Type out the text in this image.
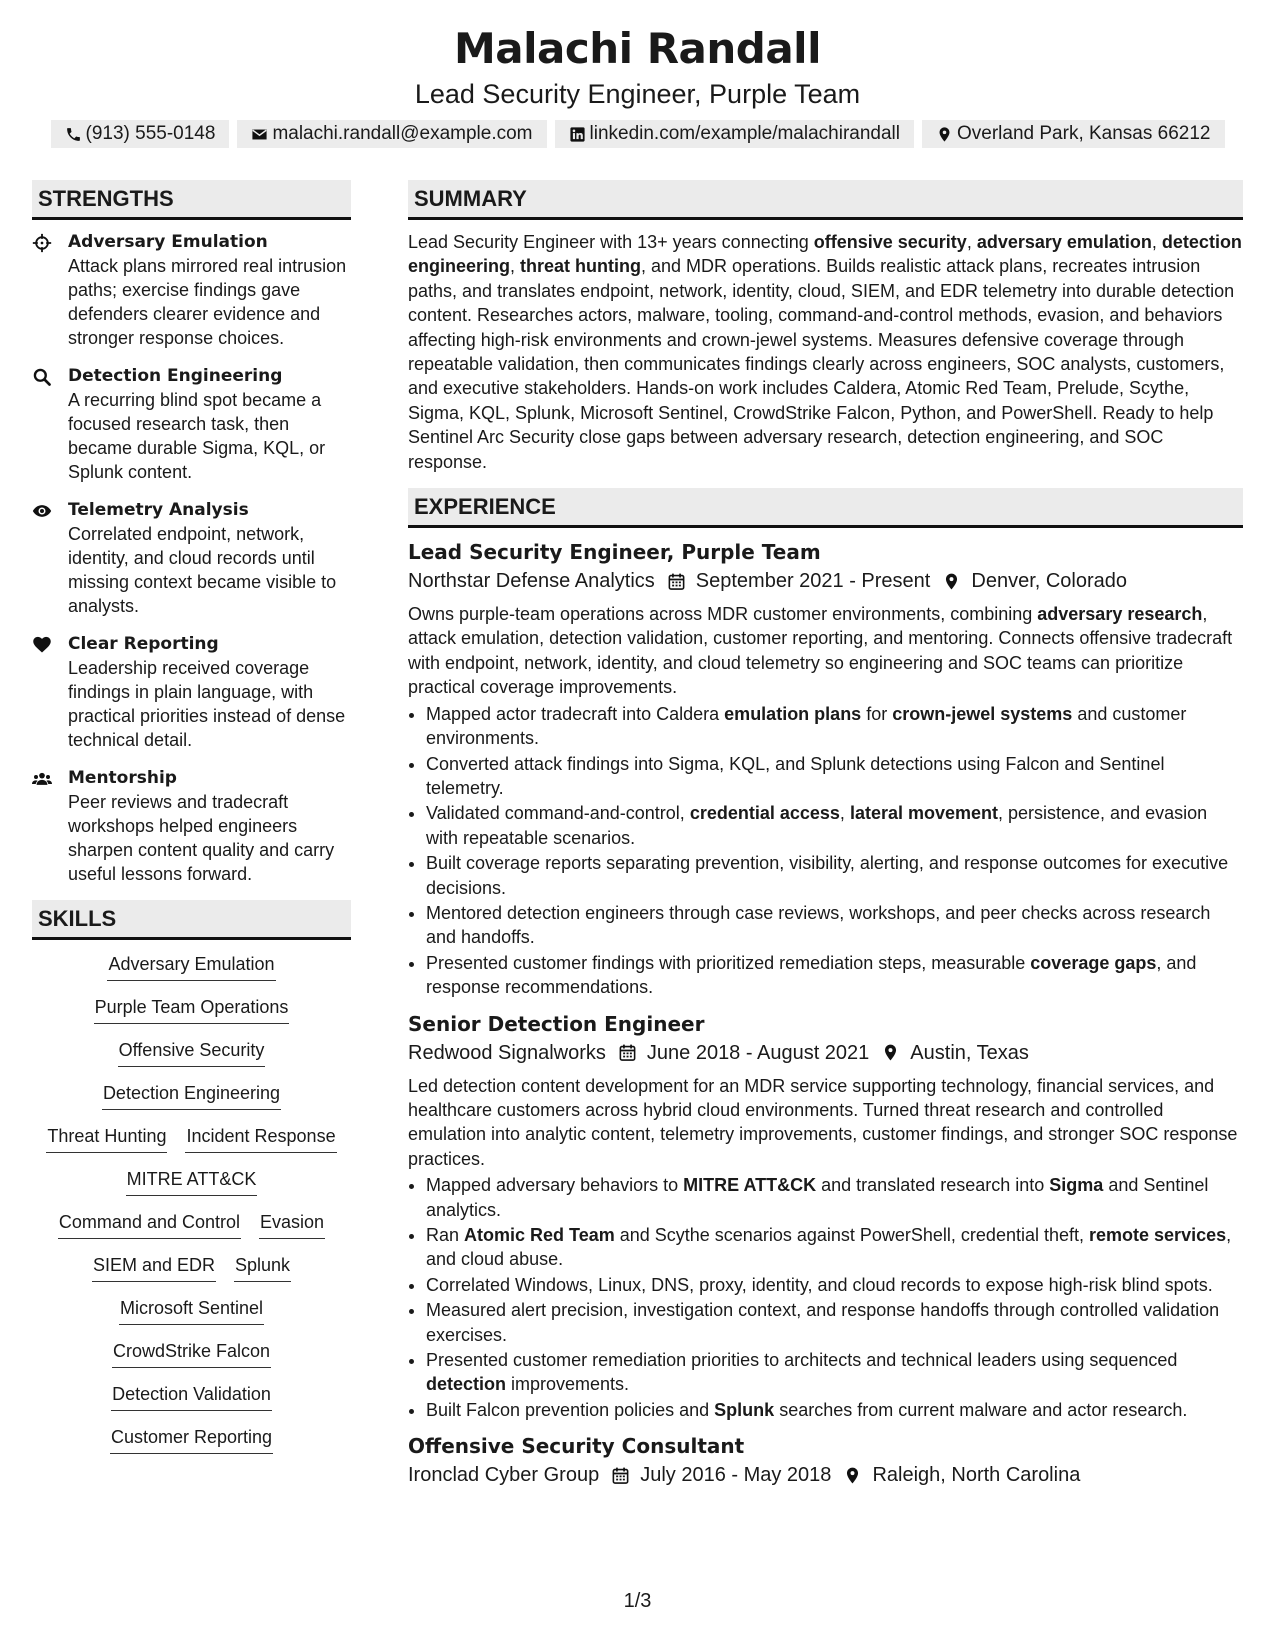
Malachi Randall
Lead Security Engineer, Purple Team
(913) 555-0148	malachi.randall@example.com	linkedin.com/example/malachirandall	Overland Park, Kansas 66212
STRENGTHS
Adversary Emulation
Attack plans mirrored real intrusion paths; exercise findings gave defenders clearer evidence and stronger response choices.
Detection Engineering
A recurring blind spot became a focused research task, then became durable Sigma, KQL, or Splunk content.
Telemetry Analysis
Correlated endpoint, network, identity, and cloud records until missing context became visible to analysts.
Clear Reporting
Leadership received coverage findings in plain language, with practical priorities instead of dense technical detail.
Mentorship
Peer reviews and tradecraft workshops helped engineers sharpen content quality and carry useful lessons forward.
SKILLS
Adversary Emulation
Purple Team Operations
Offensive Security
Detection Engineering
Threat Hunting Incident Response
MITRE ATT&CK
Command and Control Evasion
SIEM and EDR Splunk
Microsoft Sentinel
CrowdStrike Falcon
Detection Validation
Customer Reporting
SUMMARY

Lead Security Engineer with 13+ years connecting offensive security, adversary emulation, detection engineering, threat hunting, and MDR operations. Builds realistic attack plans, recreates intrusion paths, and translates endpoint, network, identity, cloud, SIEM, and EDR telemetry into durable detection content. Researches actors, malware, tooling, command-and-control methods, evasion, and behaviors affecting high-risk environments and crown-jewel systems. Measures defensive coverage through repeatable validation, then communicates findings clearly across engineers, SOC analysts, customers, and executive stakeholders. Hands-on work includes Caldera, Atomic Red Team, Prelude, Scythe, Sigma, KQL, Splunk, Microsoft Sentinel, CrowdStrike Falcon, Python, and PowerShell. Ready to help Sentinel Arc Security close gaps between adversary research, detection engineering, and SOC response.

EXPERIENCE
Lead Security Engineer, Purple Team
Northstar Defense Analytics September 2021 - Present Denver, Colorado

Owns purple-team operations across MDR customer environments, combining adversary research, attack emulation, detection validation, customer reporting, and mentoring. Connects offensive tradecraft with endpoint, network, identity, and cloud telemetry so engineering and SOC teams can prioritize practical coverage improvements.

• Mapped actor tradecraft into Caldera emulation plans for crown-jewel systems and customer environments.
• Converted attack findings into Sigma, KQL, and Splunk detections using Falcon and Sentinel telemetry.
• Validated command-and-control, credential access, lateral movement, persistence, and evasion with repeatable scenarios.
• Built coverage reports separating prevention, visibility, alerting, and response outcomes for executive decisions.
• Mentored detection engineers through case reviews, workshops, and peer checks across research and handoffs.
• Presented customer findings with prioritized remediation steps, measurable coverage gaps, and response recommendations.
Senior Detection Engineer
Redwood Signalworks June 2018 - August 2021 Austin, Texas

Led detection content development for an MDR service supporting technology, financial services, and healthcare customers across hybrid cloud environments. Turned threat research and controlled emulation into analytic content, telemetry improvements, customer findings, and stronger SOC response practices.

• Mapped adversary behaviors to MITRE ATT&CK and translated research into Sigma and Sentinel analytics.
• Ran Atomic Red Team and Scythe scenarios against PowerShell, credential theft, remote services, and cloud abuse.
• Correlated Windows, Linux, DNS, proxy, identity, and cloud records to expose high-risk blind spots.
• Measured alert precision, investigation context, and response handoffs through controlled validation exercises.
• Presented customer remediation priorities to architects and technical leaders using sequenced detection improvements.
• Built Falcon prevention policies and Splunk searches from current malware and actor research.
Offensive Security Consultant
Ironclad Cyber Group July 2016 - May 2018 Raleigh, North Carolina
1/3
